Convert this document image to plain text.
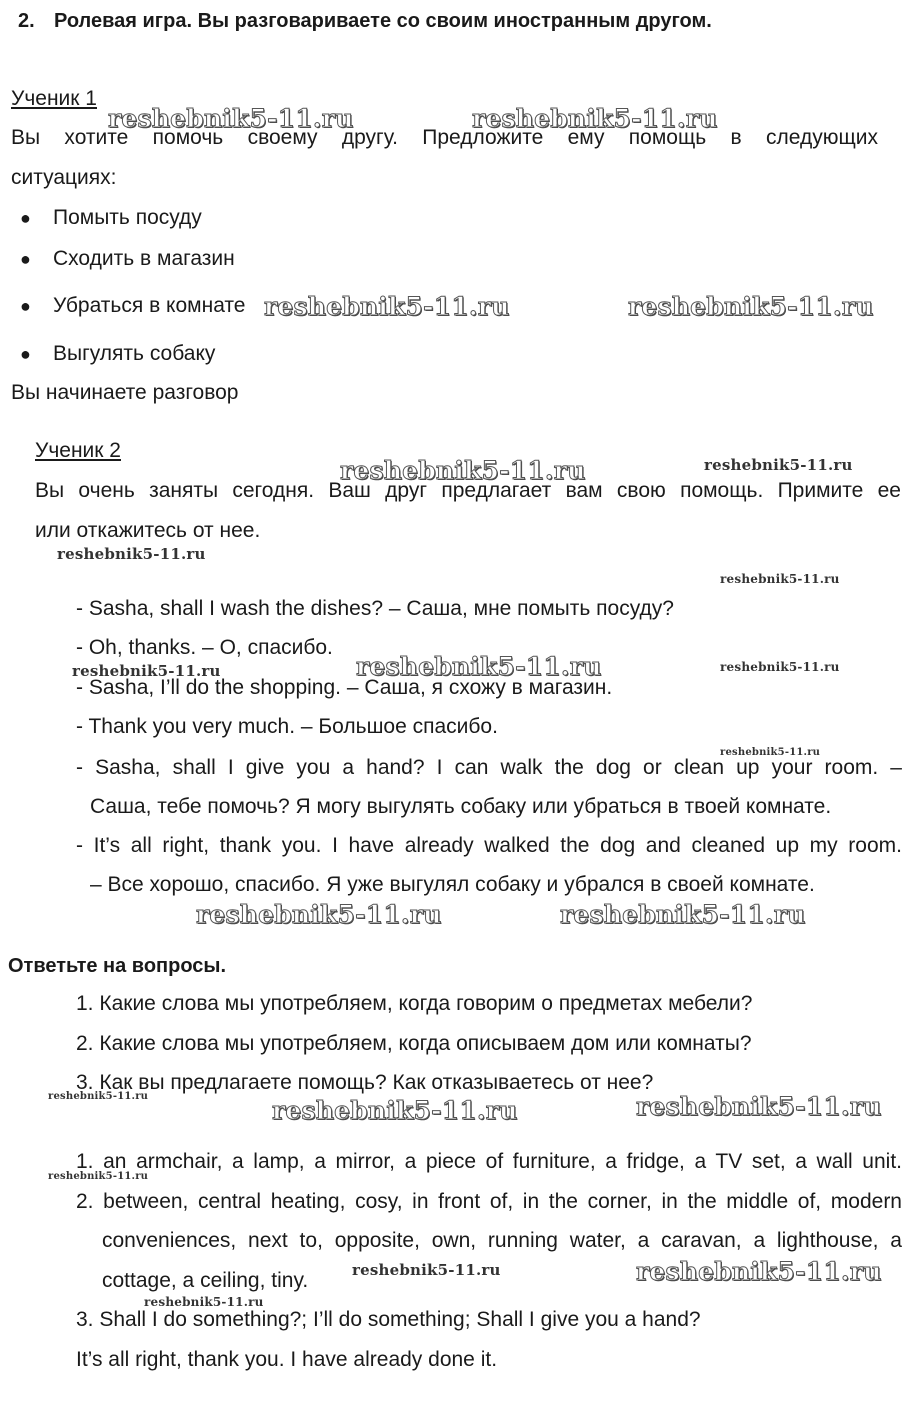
2. Ролевая игра. Вы разговариваете со своим иностранным другом.
Ученик 1
Вы хотите помочь своему другу. Предложите ему помощь в следующих
ситуациях:
● Помыть посуду
● Сходить в магазин
● Убраться в комнате
● Выгулять собаку
Вы начинаете разговор
Ученик 2
Вы очень заняты сегодня. Ваш друг предлагает вам свою помощь. Примите ее
или откажитесь от нее.
- Sasha, shall I wash the dishes? – Саша, мне помыть посуду?
- Oh, thanks. – О, спасибо.
- Sasha, I’ll do the shopping. – Саша, я схожу в магазин.
- Thank you very much. – Большое спасибо.
- Sasha, shall I give you a hand? I can walk the dog or clean up your room. –
Саша, тебе помочь? Я могу выгулять собаку или убраться в твоей комнате.
- It’s all right, thank you. I have already walked the dog and cleaned up my room.
– Все хорошо, спасибо. Я уже выгулял собаку и убрался в своей комнате.
Ответьте на вопросы.
1. Какие слова мы употребляем, когда говорим о предметах мебели?
2. Какие слова мы употребляем, когда описываем дом или комнаты?
3. Как вы предлагаете помощь? Как отказываетесь от нее?
1. an armchair, a lamp, a mirror, a piece of furniture, a fridge, a TV set, a wall unit.
2. between, central heating, cosy, in front of, in the corner, in the middle of, modern
conveniences, next to, opposite, own, running water, a caravan, a lighthouse, a
cottage, a ceiling, tiny.
3. Shall I do something?; I’ll do something; Shall I give you a hand?
It’s all right, thank you. I have already done it.
reshebnik5-11.ru	reshebnik5-11.ru
reshebnik5-11.ru	reshebnik5-11.ru
reshebnik5-11.ru	reshebnik5-11.ru
reshebnik5-11.ru
reshebnik5-11.ru
reshebnik5-11.ru
reshebnik5-11.ru	reshebnik5-11.ru
reshebnik5-11.ru
reshebnik5-11.ru	reshebnik5-11.ru
reshebnik5-11.ru	reshebnik5-11.ru	reshebnik5-11.ru
reshebnik5-11.ru
reshebnik5-11.ru	reshebnik5-11.ru
reshebnik5-11.ru
